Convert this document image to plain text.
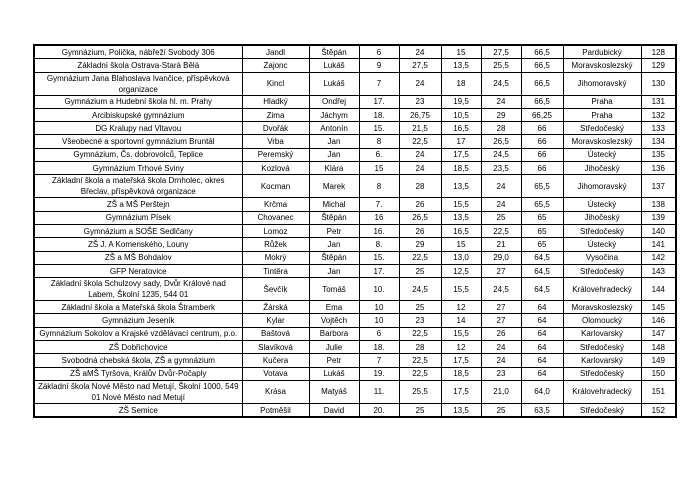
Gymnázium, Polička, nábřeží Svobody 306	Jandl	Štěpán	6	24	15	27,5	66,5	Pardubický	128
Základní škola Ostrava-Stará Bělá	Zajonc	Lukáš	9	27,5	13,5	25,5	66,5	Moravskoslezský	129
Gymnázium Jana Blahoslava Ivančice, příspěvková organizace	Kincl	Lukáš	7	24	18	24,5	66,5	Jihomoravský	130
Gymnázium a Hudební škola hl. m. Prahy	Hladký	Ondřej	17.	23	19,5	24	66,5	Praha	131
Arcibiskupské gymnázium	Zima	Jáchym	18.	26,75	10,5	29	66,25	Praha	132
DG Kralupy nad Vltavou	Dvořák	Antonín	15.	21,5	16,5	28	66	Středočeský	133
Všeobecné a sportovní gymnázium Bruntál	Vrba	Jan	8	22,5	17	26,5	66	Moravskoslezský	134
Gymnázium, Čs. dobrovolců, Teplice	Peremský	Jan	6.	24	17,5	24,5	66	Ústecký	135
Gymnázium Trhové Sviny	Kozlová	Klára	15	24	18,5	23,5	66	Jihočeský	136
Základní škola a mateřská škola Drnholec, okres Břeclav, příspěvková organizace	Kocman	Marek	8	28	13,5	24	65,5	Jihomoravský	137
ZŠ a MŠ Perštejn	Krčma	Michal	7.	26	15,5	24	65,5	Ústecký	138
Gymnázium Písek	Chovanec	Štěpán	16	26,5	13,5	25	65	Jihočeský	139
Gymnázium a SOŠE Sedlčany	Lomoz	Petr	16.	26	16,5	22,5	65	Středočeský	140
ZŠ J. A Komenského, Louny	Růžek	Jan	8.	29	15	21	65	Ústecký	141
ZŠ a MŠ Bohdalov	Mokrý	Štěpán	15.	22,5	13,0	29,0	64,5	Vysočina	142
GFP Neratovice	Tintěra	Jan	17.	25	12,5	27	64,5	Středočeský	143
Základní škola Schulzovy sady, Dvůr Králové nad Labem, Školní 1235, 544 01	Ševčík	Tomáš	10.	24,5	15,5	24,5	64,5	Královehradecký	144
Základní škola a Mateřská škola Štramberk	Žárská	Ema	10	25	12	27	64	Moravskoslezský	145
Gymnázium Jeseník	Kylar	Vojtěch	10	23	14	27	64	Olomoucký	146
Gymnázium Sokolov a Krajské vzdělávací centrum, p.o.	Baštová	Barbora	6	22,5	15,5	26	64	Karlovarský	147
ZŠ Dobřichovice	Slavíková	Julie	18.	28	12	24	64	Středočeský	148
Svobodná chebská škola, ZŠ a gymnázium	Kučera	Petr	7	22,5	17,5	24	64	Karlovarský	149
ZŠ aMŠ Tyršova, Králův Dvůr-Počaply	Votava	Lukáš	19.	22,5	18,5	23	64	Středočeský	150
Základní škola Nové Město nad Metují, Školní 1000, 549 01 Nové Město nad Metují	Krása	Matyáš	11.	25,5	17,5	21,0	64,0	Královehradecký	151
ZŠ Semice	Potměšil	David	20.	25	13,5	25	63,5	Středočeský	152
